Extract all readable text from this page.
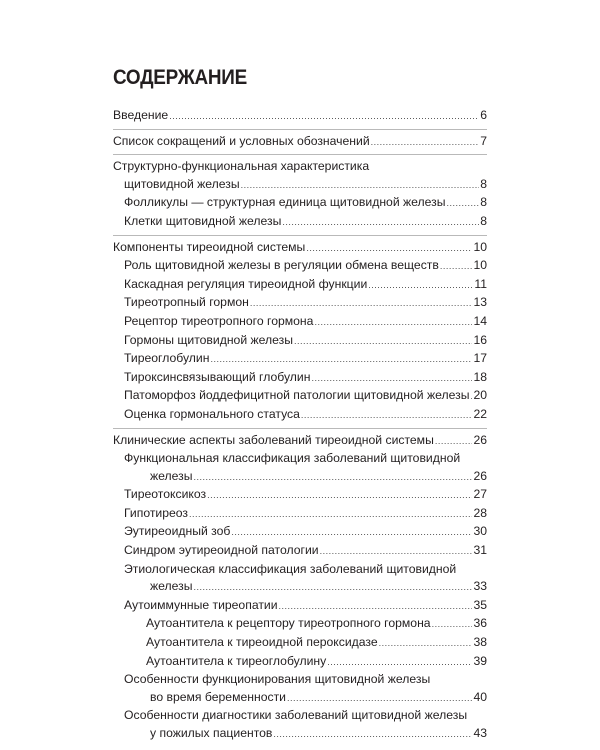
СОДЕРЖАНИЕ
Введение .....	6
Список сокращений и условных обозначений .....	7
Структурно-функциональная характеристика
щитовидной железы .....	8
Фолликулы — структурная единица щитовидной железы .....	8
Клетки щитовидной железы .....	8
Компоненты тиреоидной системы .....	10
Роль щитовидной железы в регуляции обмена веществ .....	10
Каскадная регуляция тиреоидной функции .....	11
Тиреотропный гормон .....	13
Рецептор тиреотропного гормона .....	14
Гормоны щитовидной железы .....	16
Тиреоглобулин .....	17
Тироксинсвязывающий глобулин .....	18
Патоморфоз йоддефицитной патологии щитовидной железы ..... 20
Оценка гормонального статуса .....	22
Клинические аспекты заболеваний тиреоидной системы .....	26
Функциональная классификация заболеваний щитовидной
железы .....	26
Тиреотоксикоз .....	27
Гипотиреоз .....	28
Эутиреоидный зоб .....	30
Синдром эутиреоидной патологии .....	31
Этиологическая классификация заболеваний щитовидной
железы .....	33
Аутоиммунные тиреопатии .....	35
Аутоантитела к рецептору тиреотропного гормона .....	36
Аутоантитела к тиреоидной пероксидазе .....	38
Аутоантитела к тиреоглобулину .....	39
Особенности функционирования щитовидной железы
во время беременности .....	40
Особенности диагностики заболеваний щитовидной железы
у пожилых пациентов .....	43
